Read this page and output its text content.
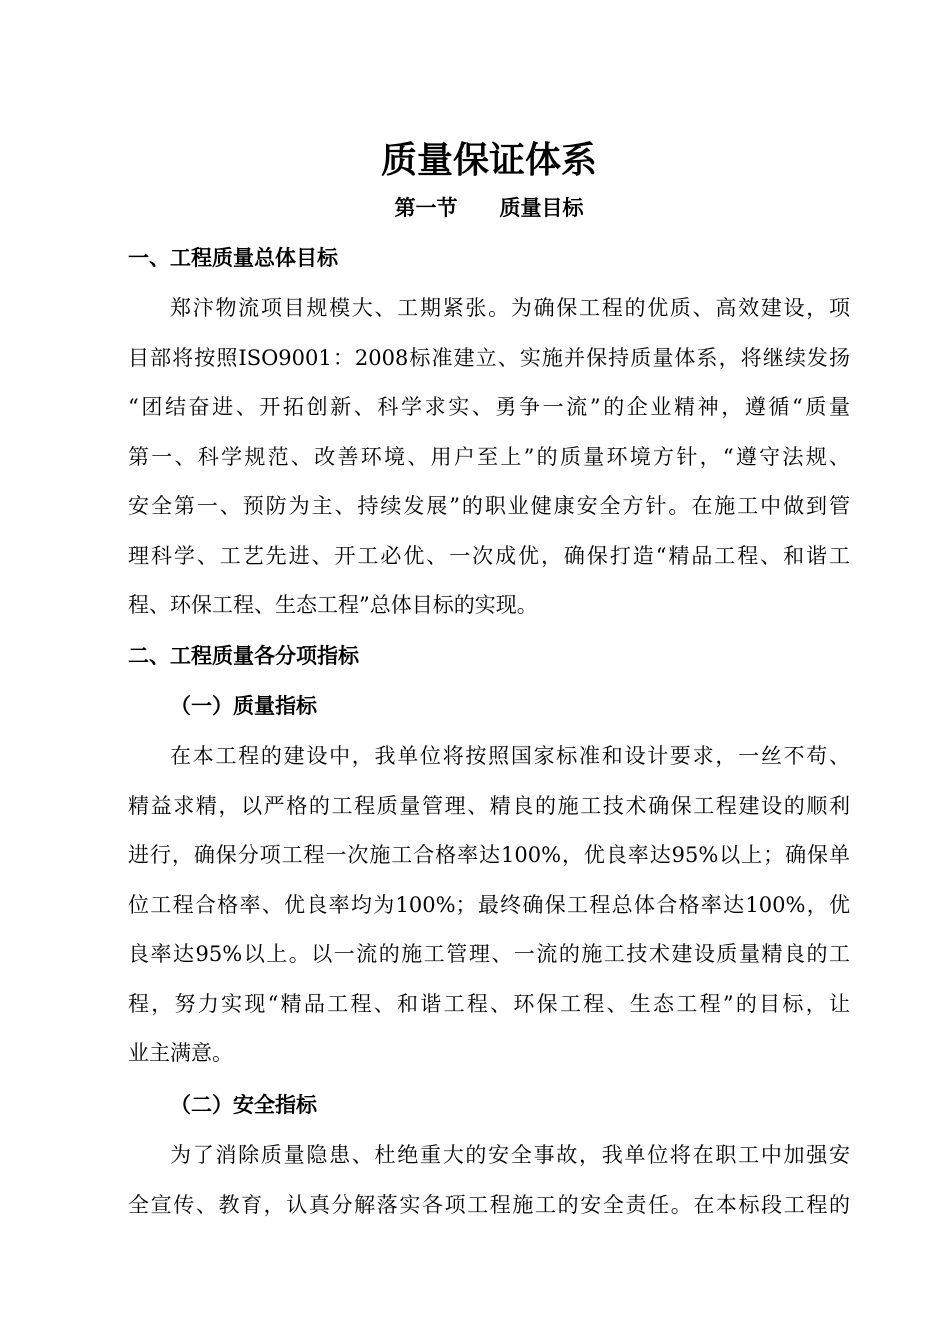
质量保证体系
第一节　　质量目标
一、工程质量总体目标
郑汴物流项目规模大、工期紧张。为确保工程的优质、高效建设，项
目部将按照ISO9001：2008标准建立、实施并保持质量体系，将继续发扬
“团结奋进、开拓创新、科学求实、勇争一流”的企业精神，遵循“质量
第一、科学规范、改善环境、用户至上”的质量环境方针，“遵守法规、
安全第一、预防为主、持续发展”的职业健康安全方针。在施工中做到管
理科学、工艺先进、开工必优、一次成优，确保打造“精品工程、和谐工
程、环保工程、生态工程”总体目标的实现。
二、工程质量各分项指标
（一）质量指标
在本工程的建设中，我单位将按照国家标准和设计要求，一丝不苟、
精益求精，以严格的工程质量管理、精良的施工技术确保工程建设的顺利
进行，确保分项工程一次施工合格率达100%，优良率达95%以上；确保单
位工程合格率、优良率均为100%；最终确保工程总体合格率达100%，优
良率达95%以上。以一流的施工管理、一流的施工技术建设质量精良的工
程，努力实现“精品工程、和谐工程、环保工程、生态工程”的目标，让
业主满意。
（二）安全指标
为了消除质量隐患、杜绝重大的安全事故，我单位将在职工中加强安
全宣传、教育，认真分解落实各项工程施工的安全责任。在本标段工程的
